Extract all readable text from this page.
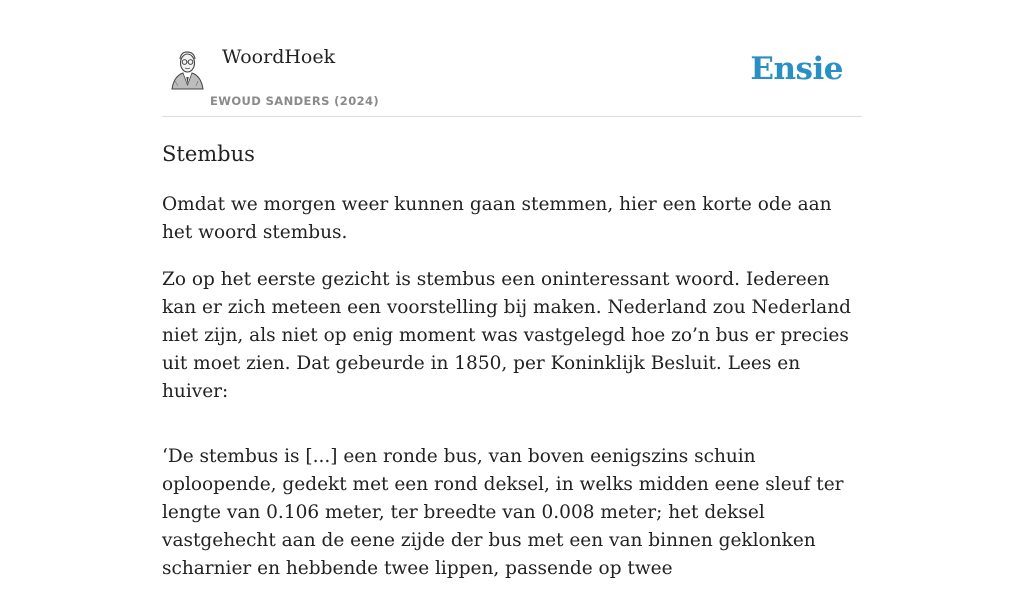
WoordHoek
EWOUD SANDERS (2024)
Ensie
Stembus

Omdat we morgen weer kunnen gaan stemmen, hier een korte ode aan het woord stembus.

Zo op het eerste gezicht is stembus een oninteressant woord. Iedereen kan er zich meteen een voorstelling bij maken. Nederland zou Nederland niet zijn, als niet op enig moment was vastgelegd hoe zo’n bus er precies uit moet zien. Dat gebeurde in 1850, per Koninklijk Besluit. Lees en huiver:

‘De stembus is [...] een ronde bus, van boven eenigszins schuin oploopende, gedekt met een rond deksel, in welks midden eene sleuf ter lengte van 0.106 meter, ter breedte van 0.008 meter; het deksel vastgehecht aan de eene zijde der bus met een van binnen geklonken scharnier en hebbende twee lippen, passende op twee
